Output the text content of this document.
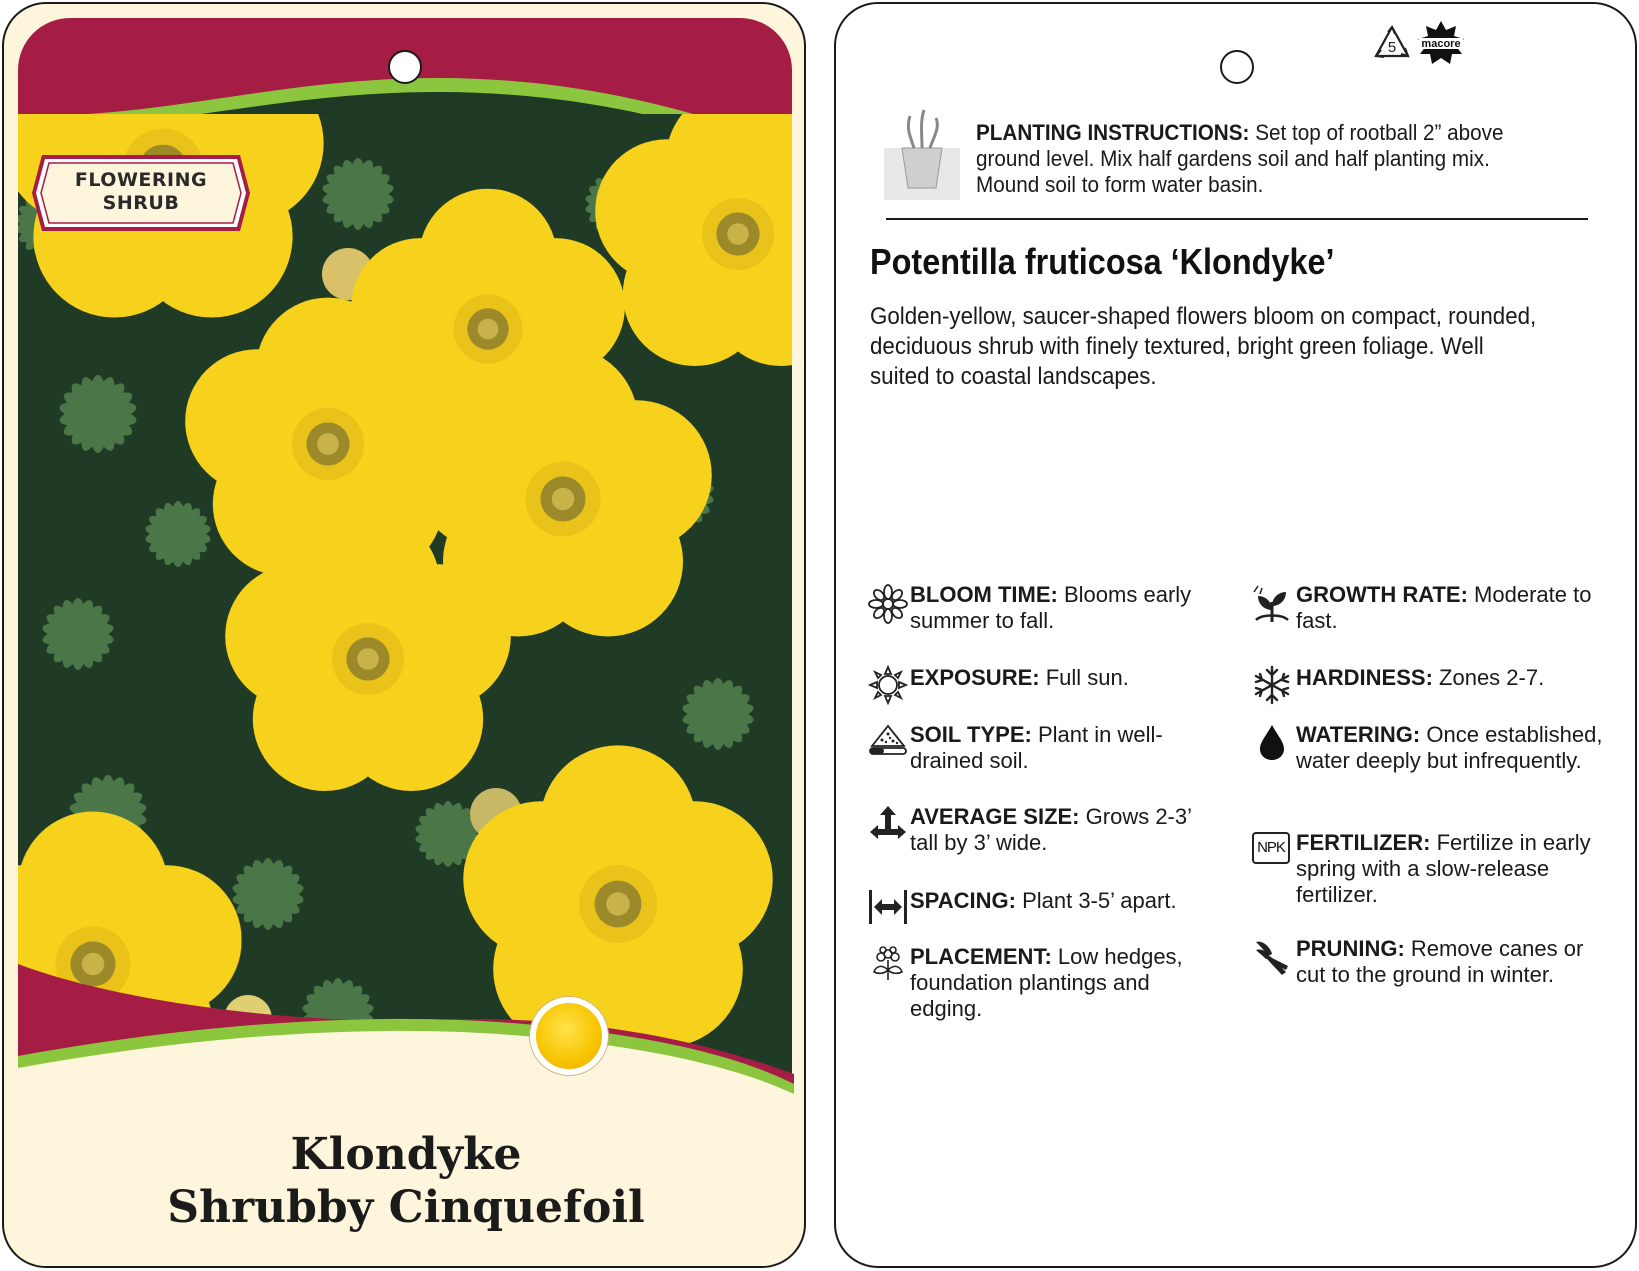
FLOWERING
SHRUB
Klondyke
Shrubby Cinquefoil
5 macore
PLANTING INSTRUCTIONS: Set top of rootball 2” above ground level. Mix half gardens soil and half planting mix. Mound soil to form water basin.
Potentilla fruticosa ‘Klondyke’
Golden-yellow, saucer-shaped flowers bloom on compact, rounded, deciduous shrub with finely textured, bright green foliage. Well suited to coastal landscapes.
BLOOM TIME: Blooms early summer to fall.
EXPOSURE: Full sun.
SOIL TYPE: Plant in well-drained soil.
AVERAGE SIZE: Grows 2-3’ tall by 3’ wide.
SPACING: Plant 3-5’ apart.
PLACEMENT: Low hedges, foundation plantings and edging.
GROWTH RATE: Moderate to fast.
HARDINESS: Zones 2-7.
WATERING: Once established, water deeply but infrequently.
NPK FERTILIZER: Fertilize in early spring with a slow-release fertilizer.
PRUNING: Remove canes or cut to the ground in winter.
